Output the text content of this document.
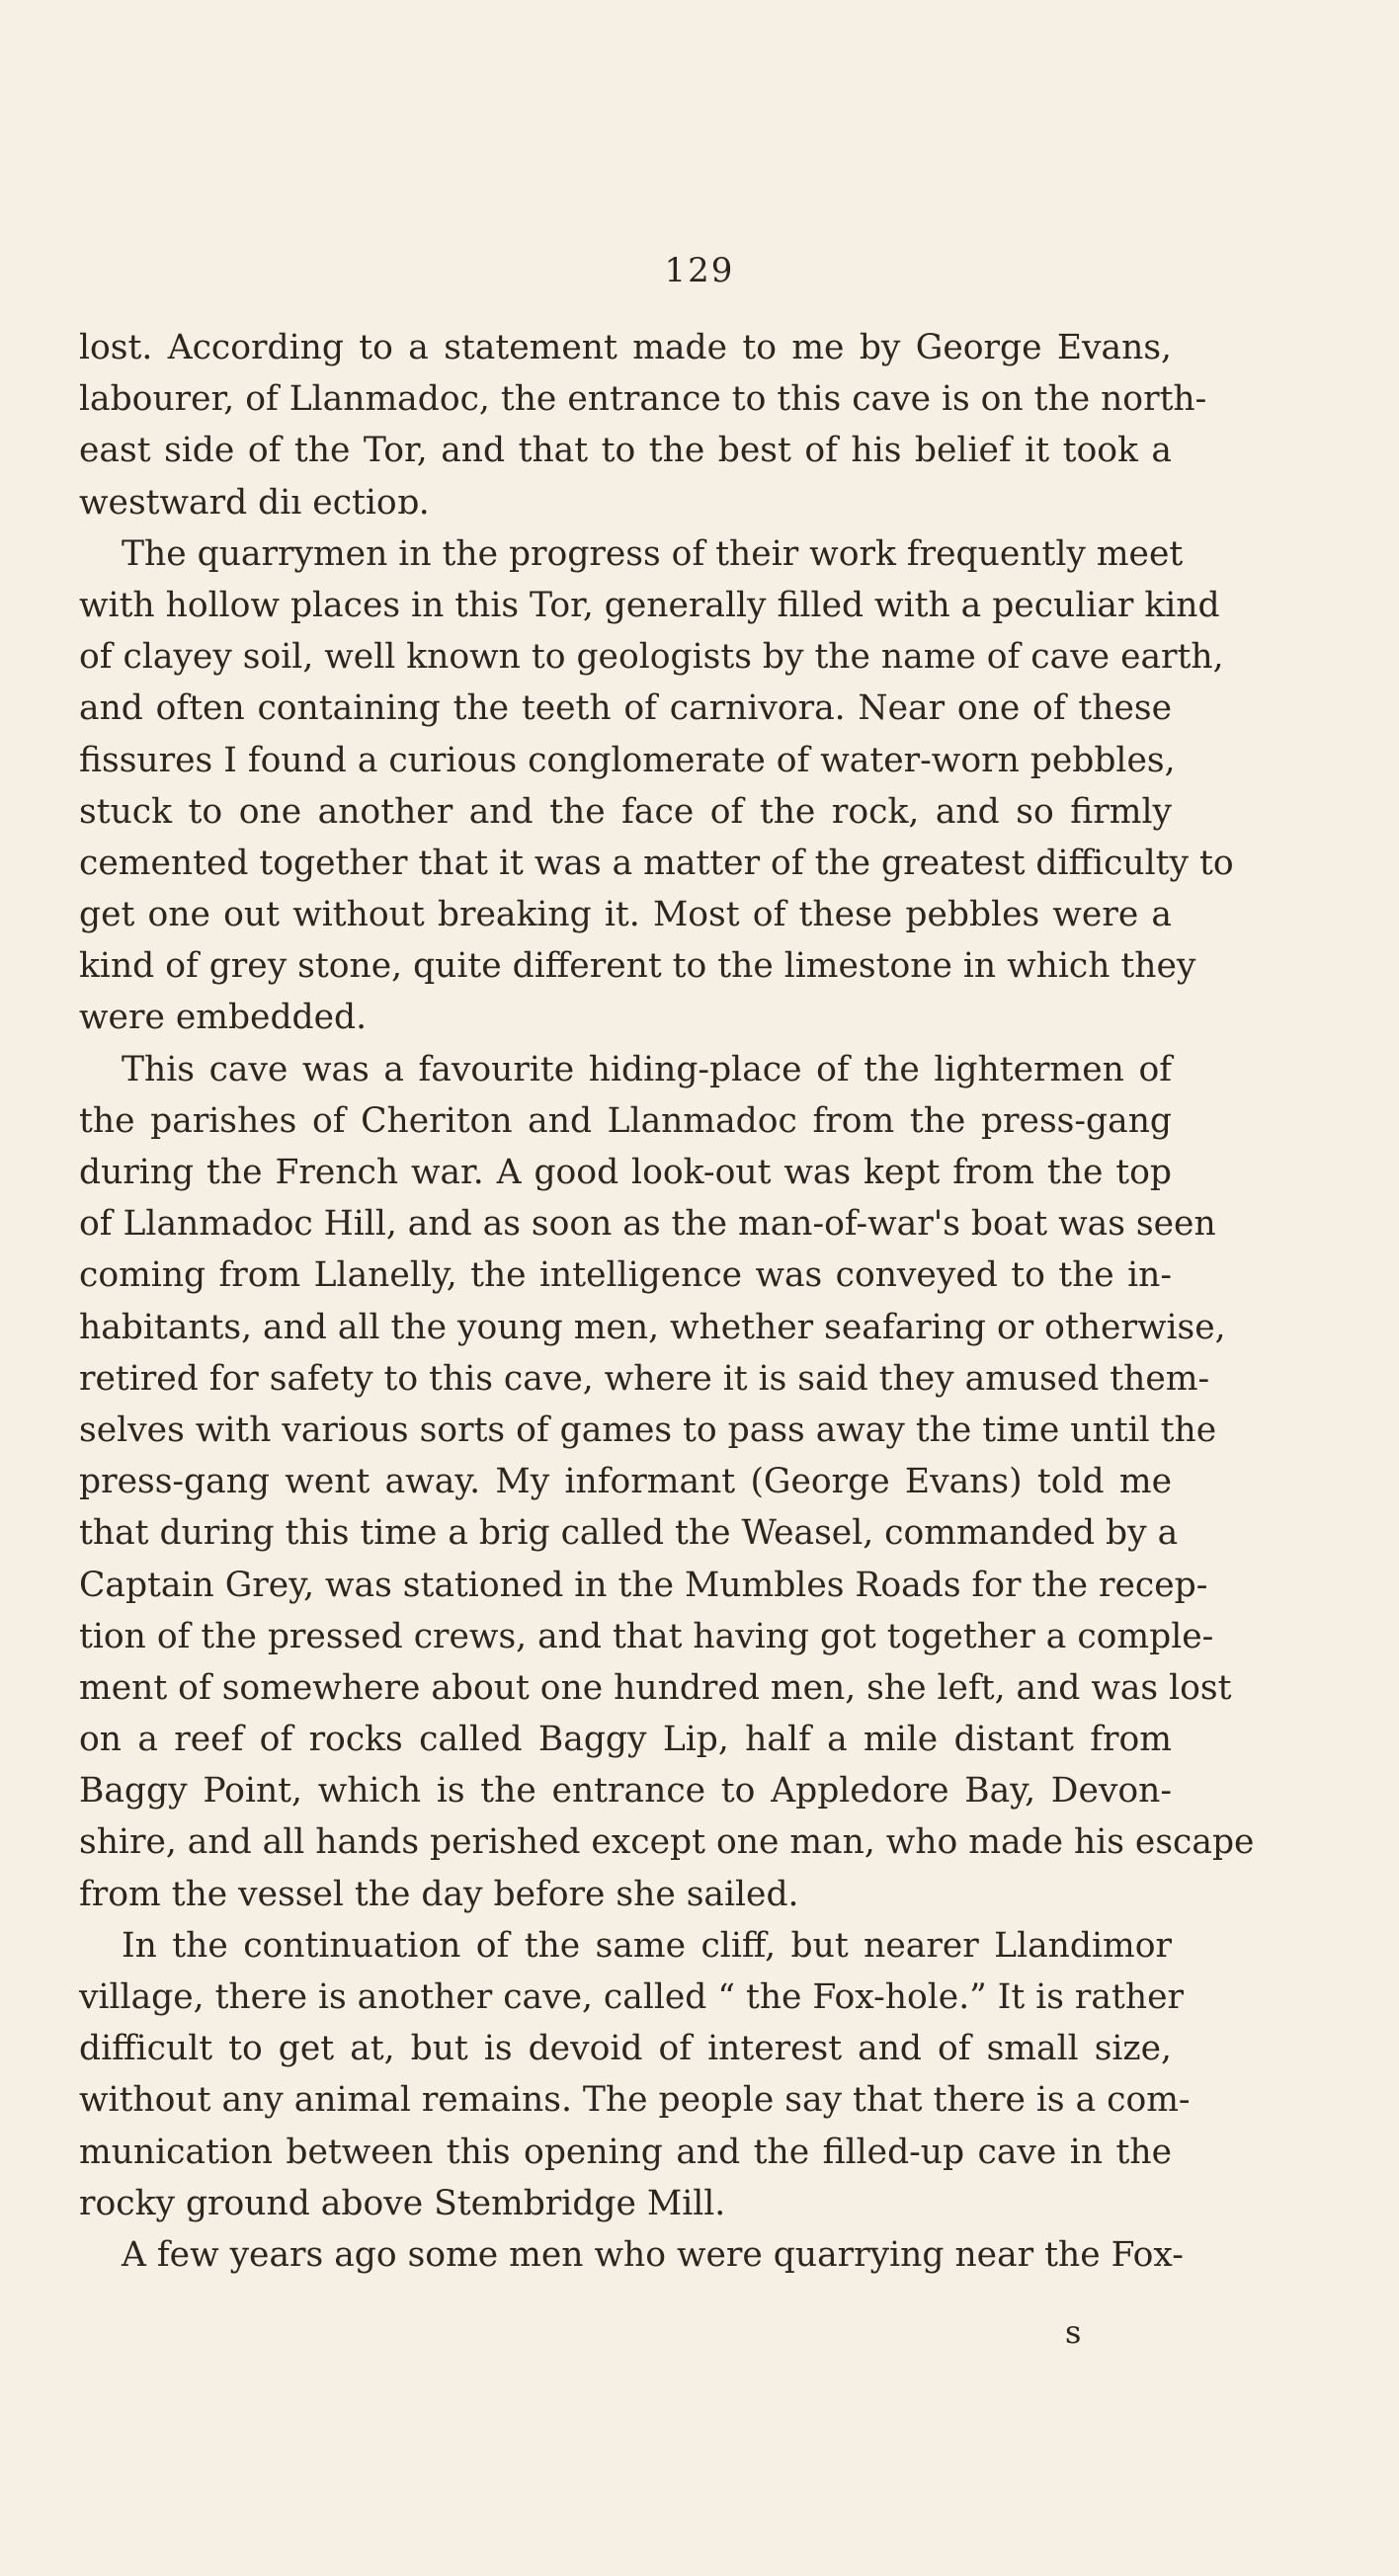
129
lost. According to a statement made to me by George Evans,
labourer, of Llanmadoc, the entrance to this cave is on the north-
east side of the Tor, and that to the best of his belief it took a
westward diı ectioɒ.
The quarrymen in the progress of their work frequently meet
with hollow places in this Tor, generally filled with a peculiar kind
of clayey soil, well known to geologists by the name of cave earth,
and often containing the teeth of carnivora. Near one of these
fissures I found a curious conglomerate of water-worn pebbles,
stuck to one another and the face of the rock, and so firmly
cemented together that it was a matter of the greatest difficulty to
get one out without breaking it. Most of these pebbles were a
kind of grey stone, quite different to the limestone in which they
were embedded.
This cave was a favourite hiding-place of the lightermen of
the parishes of Cheriton and Llanmadoc from the press-gang
during the French war. A good look-out was kept from the top
of Llanmadoc Hill, and as soon as the man-of-war's boat was seen
coming from Llanelly, the intelligence was conveyed to the in-
habitants, and all the young men, whether seafaring or otherwise,
retired for safety to this cave, where it is said they amused them-
selves with various sorts of games to pass away the time until the
press-gang went away. My informant (George Evans) told me
that during this time a brig called the Weasel, commanded by a
Captain Grey, was stationed in the Mumbles Roads for the recep-
tion of the pressed crews, and that having got together a comple-
ment of somewhere about one hundred men, she left, and was lost
on a reef of rocks called Baggy Lip, half a mile distant from
Baggy Point, which is the entrance to Appledore Bay, Devon-
shire, and all hands perished except one man, who made his escape
from the vessel the day before she sailed.
In the continuation of the same cliff, but nearer Llandimor
village, there is another cave, called “ the Fox-hole.” It is rather
difficult to get at, but is devoid of interest and of small size,
without any animal remains. The people say that there is a com-
munication between this opening and the filled-up cave in the
rocky ground above Stembridge Mill.
A few years ago some men who were quarrying near the Fox-
s
